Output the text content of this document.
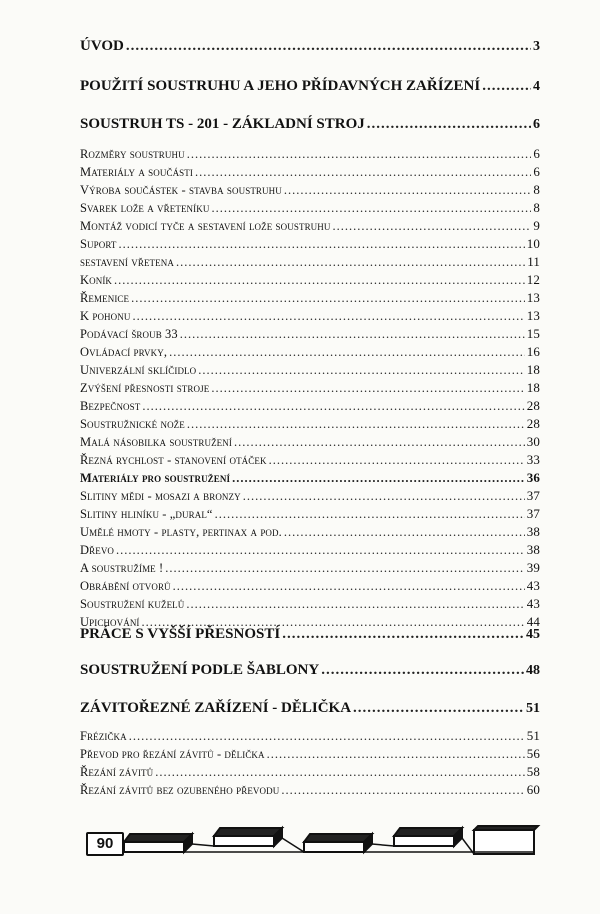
ÚVOD .....	3
POUŽITÍ SOUSTRUHU A JEHO PŘÍDAVNÝCH ZAŘÍZENÍ .....	4
SOUSTRUH TS - 201 - ZÁKLADNÍ STROJ .....	6
Rozměry soustruhu .....	6
Materiály a součásti .....	6
Výroba součástek - stavba soustruhu .....	8
Svarek lože a vřeteníku .....	8
Montáž vodicí tyče a sestavení lože soustruhu .....	9
Suport .....	10
sestavení vřetena .....	11
Koník .....	12
Řemenice .....	13
K pohonu .....	13
Podávací šroub 33 .....	15
Ovládací prvky, .....	16
Univerzální sklíčidlo .....	18
Zvýšení přesnosti stroje .....	18
Bezpečnost .....	28
Soustružnické nože .....	28
Malá násobilka soustružení .....	30
Řezná rychlost - stanovení otáček .....	33
Materiály pro soustružení .....	36
Slitiny mědi - mosazi a bronzy .....	37
Slitiny hliníku - „dural“ .....	37
Umělé hmoty - plasty, pertinax a pod. .....	38
Dřevo .....	38
A soustružíme ! .....	39
Obrábění otvorů .....	43
Soustružení kuželů .....	43
Upichování .....	44
PRÁCE S VYŠŠÍ PŘESNOSTÍ .....	45
SOUSTRUŽENÍ PODLE ŠABLONY .....	48
ZÁVITOŘEZNÉ ZAŘÍZENÍ - DĚLIČKA .....	51
Frézička .....	51
Převod pro řezání závitů - dělička .....	56
Řezání závitů .....	58
Řezání závitů bez ozubeného převodu .....	60
90
